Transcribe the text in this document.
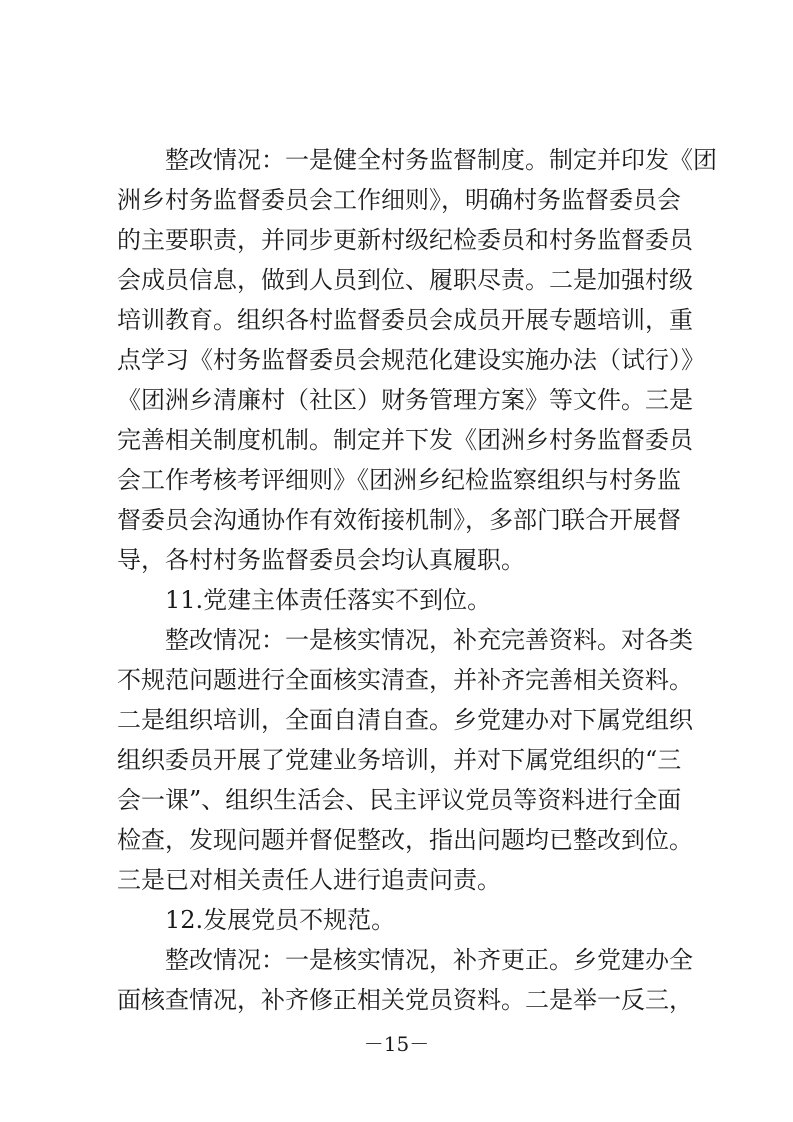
整改情况：一是健全村务监督制度。制定并印发《团
洲乡村务监督委员会工作细则》，明确村务监督委员会
的主要职责，并同步更新村级纪检委员和村务监督委员
会成员信息，做到人员到位、履职尽责。二是加强村级
培训教育。组织各村监督委员会成员开展专题培训，重
点学习《村务监督委员会规范化建设实施办法（试行）》
《团洲乡清廉村（社区）财务管理方案》等文件。三是
完善相关制度机制。制定并下发《团洲乡村务监督委员
会工作考核考评细则》《团洲乡纪检监察组织与村务监
督委员会沟通协作有效衔接机制》，多部门联合开展督
导，各村村务监督委员会均认真履职。
11.党建主体责任落实不到位。
整改情况：一是核实情况，补充完善资料。对各类
不规范问题进行全面核实清查，并补齐完善相关资料。
二是组织培训，全面自清自查。乡党建办对下属党组织
组织委员开展了党建业务培训，并对下属党组织的“三
会一课”、组织生活会、民主评议党员等资料进行全面
检查，发现问题并督促整改，指出问题均已整改到位。
三是已对相关责任人进行追责问责。
12.发展党员不规范。
整改情况：一是核实情况，补齐更正。乡党建办全
面核查情况，补齐修正相关党员资料。二是举一反三，
－15－
